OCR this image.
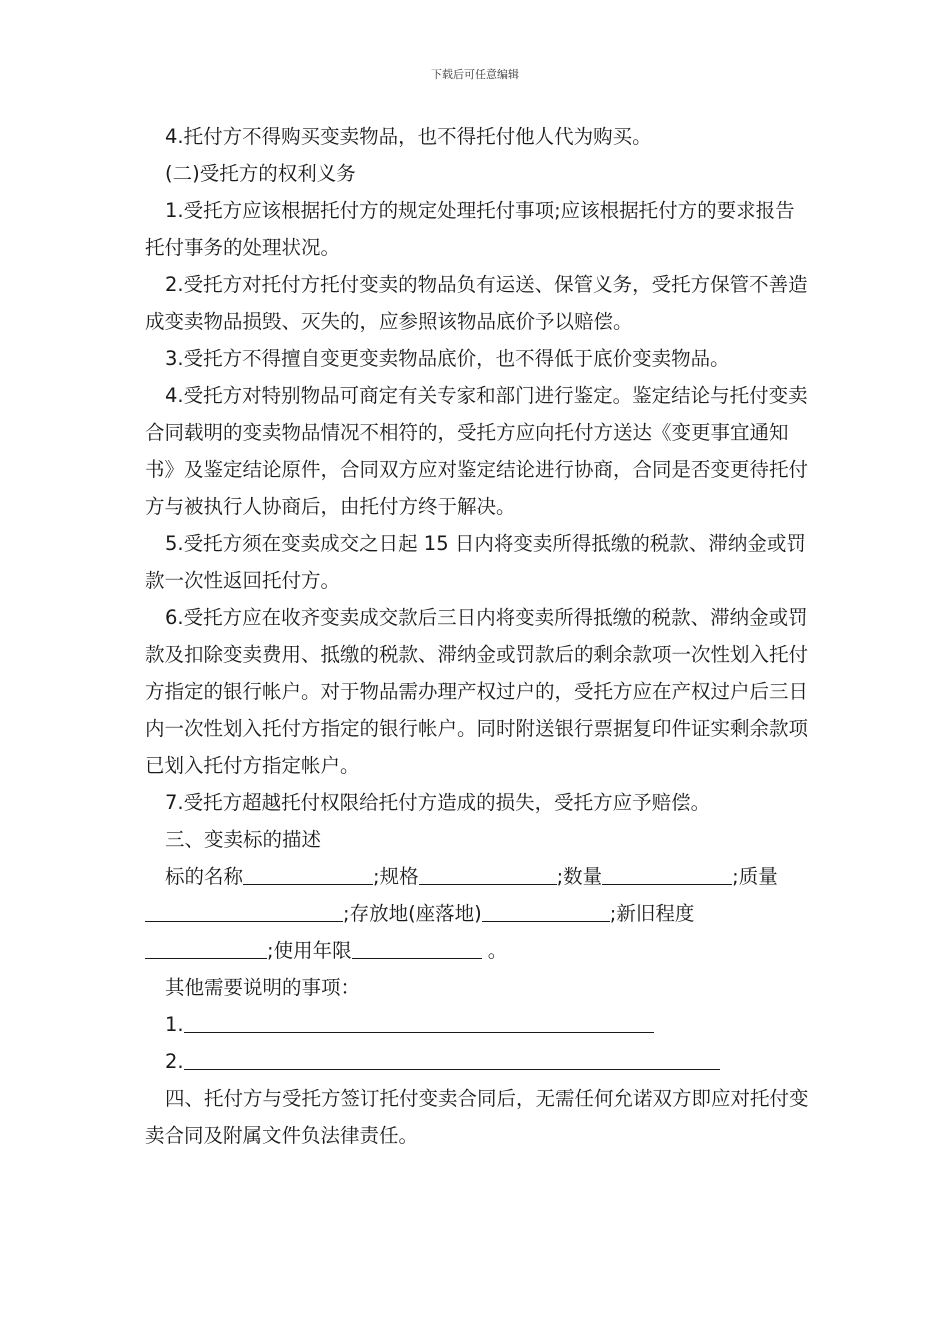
下载后可任意编辑

4.托付方不得购买变卖物品，也不得托付他人代为购买。

(二)受托方的权利义务

1.受托方应该根据托付方的规定处理托付事项;应该根据托付方的要求报告托付事务的处理状况。

2.受托方对托付方托付变卖的物品负有运送、保管义务，受托方保管不善造成变卖物品损毁、灭失的，应参照该物品底价予以赔偿。

3.受托方不得擅自变更变卖物品底价，也不得低于底价变卖物品。

4.受托方对特别物品可商定有关专家和部门进行鉴定。鉴定结论与托付变卖合同载明的变卖物品情况不相符的，受托方应向托付方送达《变更事宜通知书》及鉴定结论原件，合同双方应对鉴定结论进行协商，合同是否变更待托付方与被执行人协商后，由托付方终于解决。

5.受托方须在变卖成交之日起 15 日内将变卖所得抵缴的税款、滞纳金或罚款一次性返回托付方。

6.受托方应在收齐变卖成交款后三日内将变卖所得抵缴的税款、滞纳金或罚款及扣除变卖费用、抵缴的税款、滞纳金或罚款后的剩余款项一次性划入托付方指定的银行帐户。对于物品需办理产权过户的，受托方应在产权过户后三日内一次性划入托付方指定的银行帐户。同时附送银行票据复印件证实剩余款项已划入托付方指定帐户。

7.受托方超越托付权限给托付方造成的损失，受托方应予赔偿。

三、变卖标的描述

标的名称	;规格	;数量	;质量;存放地(座落地)	;新旧程度;使用年限	。

其他需要说明的事项：

1.

2.

四、托付方与受托方签订托付变卖合同后，无需任何允诺双方即应对托付变卖合同及附属文件负法律责任。
